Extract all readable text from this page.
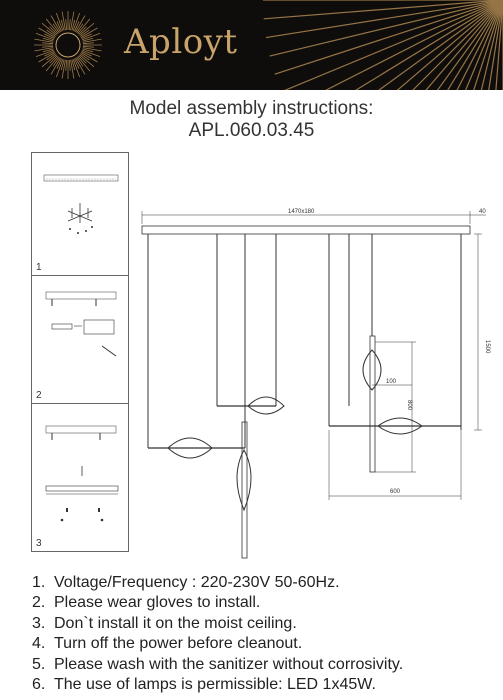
Aployt
Model assembly instructions:
APL.060.03.45
1
2
3
1470x180	40
1500
100
800
600
1. Voltage/Frequency : 220-230V 50-60Hz.
2. Please wear gloves to install.
3. Don`t install it on the moist ceiling.
4. Turn off the power before cleanout.
5. Please wash with the sanitizer without corrosivity.
6. The use of lamps is permissible: LED 1x45W.
